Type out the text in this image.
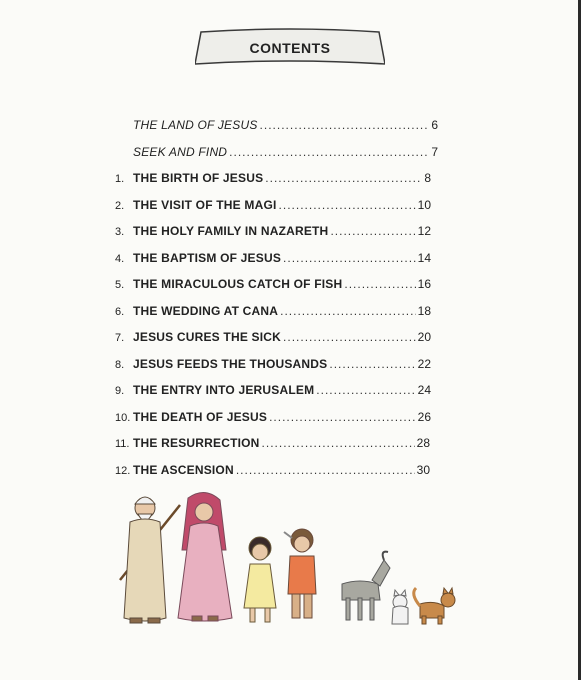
CONTENTS
THE LAND OF JESUS .....	6
SEEK AND FIND .....	7
1. THE BIRTH OF JESUS .....	8
2. THE VISIT OF THE MAGI .....	10
3. THE HOLY FAMILY IN NAZARETH .....	12
4. THE BAPTISM OF JESUS .....	14
5. THE MIRACULOUS CATCH OF FISH .....	16
6. THE WEDDING AT CANA .....	18
7. JESUS CURES THE SICK .....	20
8. JESUS FEEDS THE THOUSANDS .....	22
9. THE ENTRY INTO JERUSALEM .....	24
10. THE DEATH OF JESUS .....	26
11. THE RESURRECTION .....	28
12. THE ASCENSION .....	30
